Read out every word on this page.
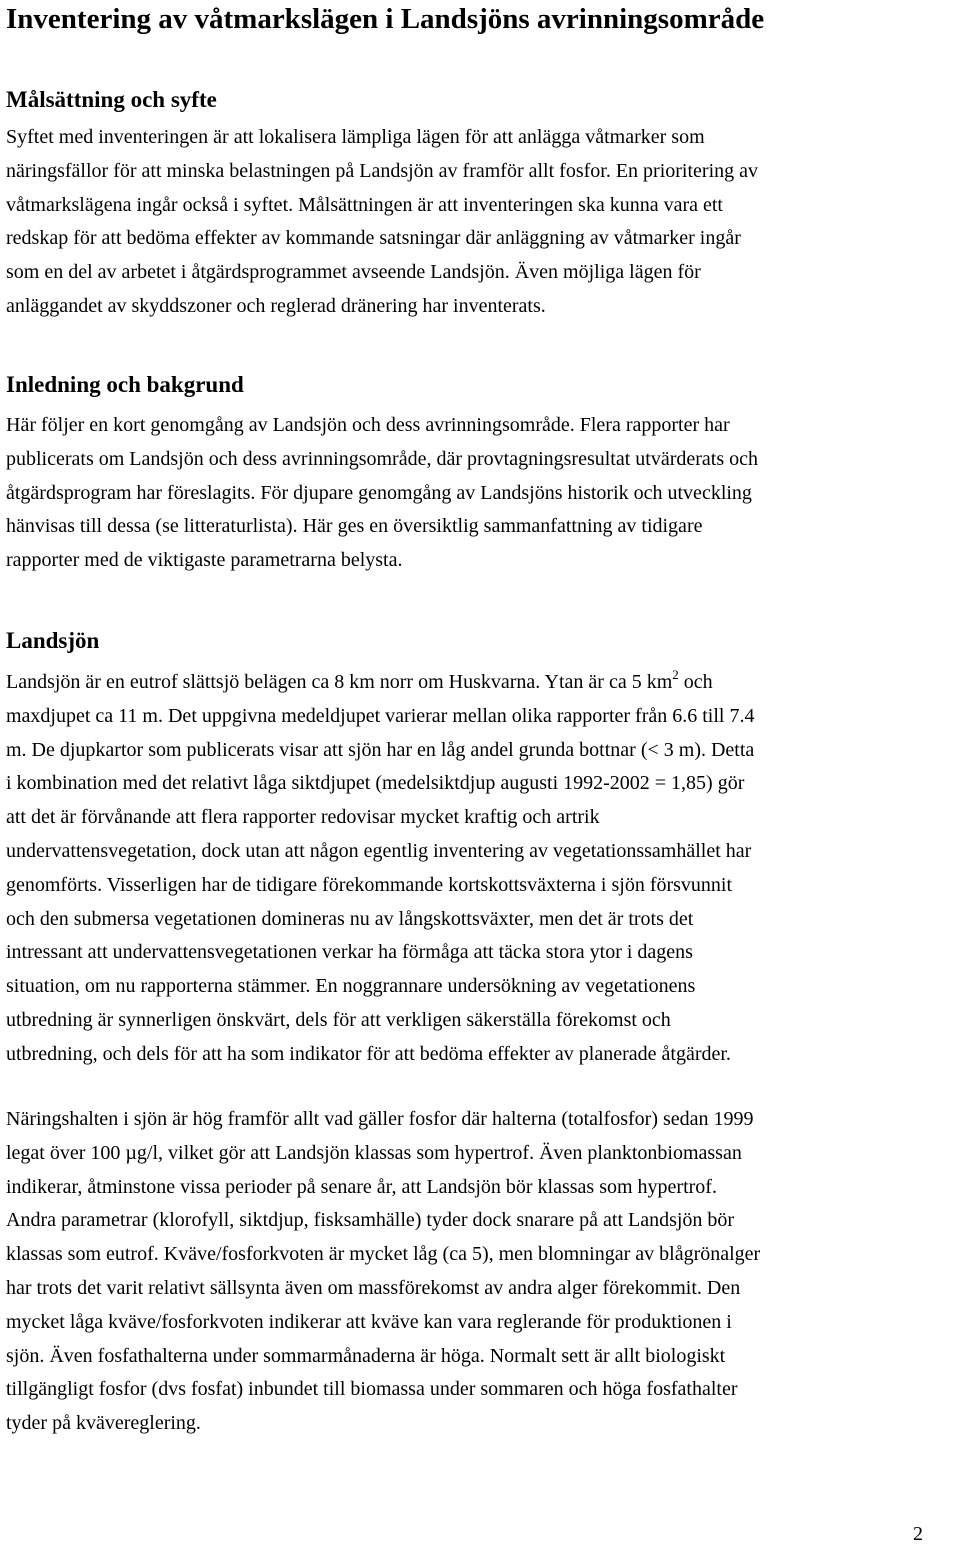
Inventering av våtmarkslägen i Landsjöns avrinningsområde
Målsättning och syfte
Syftet med inventeringen är att lokalisera lämpliga lägen för att anlägga våtmarker som
näringsfällor för att minska belastningen på Landsjön av framför allt fosfor. En prioritering av
våtmarkslägena ingår också i syftet. Målsättningen är att inventeringen ska kunna vara ett
redskap för att bedöma effekter av kommande satsningar där anläggning av våtmarker ingår
som en del av arbetet i åtgärdsprogrammet avseende Landsjön. Även möjliga lägen för
anläggandet av skyddszoner och reglerad dränering har inventerats.
Inledning och bakgrund
Här följer en kort genomgång av Landsjön och dess avrinningsområde. Flera rapporter har
publicerats om Landsjön och dess avrinningsområde, där provtagningsresultat utvärderats och
åtgärdsprogram har föreslagits. För djupare genomgång av Landsjöns historik och utveckling
hänvisas till dessa (se litteraturlista). Här ges en översiktlig sammanfattning av tidigare
rapporter med de viktigaste parametrarna belysta.
Landsjön
Landsjön är en eutrof slättsjö belägen ca 8 km norr om Huskvarna. Ytan är ca 5 $km^2$ och
maxdjupet ca 11 m. Det uppgivna medeldjupet varierar mellan olika rapporter från 6.6 till 7.4
m. De djupkartor som publicerats visar att sjön har en låg andel grunda bottnar (< 3 m). Detta
i kombination med det relativt låga siktdjupet (medelsiktdjup augusti 1992-2002 = 1,85) gör
att det är förvånande att flera rapporter redovisar mycket kraftig och artrik
undervattensvegetation, dock utan att någon egentlig inventering av vegetationssamhället har
genomförts. Visserligen har de tidigare förekommande kortskottsväxterna i sjön försvunnit
och den submersa vegetationen domineras nu av långskottsväxter, men det är trots det
intressant att undervattensvegetationen verkar ha förmåga att täcka stora ytor i dagens
situation, om nu rapporterna stämmer. En noggrannare undersökning av vegetationens
utbredning är synnerligen önskvärt, dels för att verkligen säkerställa förekomst och
utbredning, och dels för att ha som indikator för att bedöma effekter av planerade åtgärder.
Näringshalten i sjön är hög framför allt vad gäller fosfor där halterna (totalfosfor) sedan 1999
legat över 100 µg/l, vilket gör att Landsjön klassas som hypertrof. Även planktonbiomassan
indikerar, åtminstone vissa perioder på senare år, att Landsjön bör klassas som hypertrof.
Andra parametrar (klorofyll, siktdjup, fisksamhälle) tyder dock snarare på att Landsjön bör
klassas som eutrof. Kväve/fosforkvoten är mycket låg (ca 5), men blomningar av blågrönalger
har trots det varit relativt sällsynta även om massförekomst av andra alger förekommit. Den
mycket låga kväve/fosforkvoten indikerar att kväve kan vara reglerande för produktionen i
sjön. Även fosfathalterna under sommarmånaderna är höga. Normalt sett är allt biologiskt
tillgängligt fosfor (dvs fosfat) inbundet till biomassa under sommaren och höga fosfathalter
tyder på kvävereglering.
2
